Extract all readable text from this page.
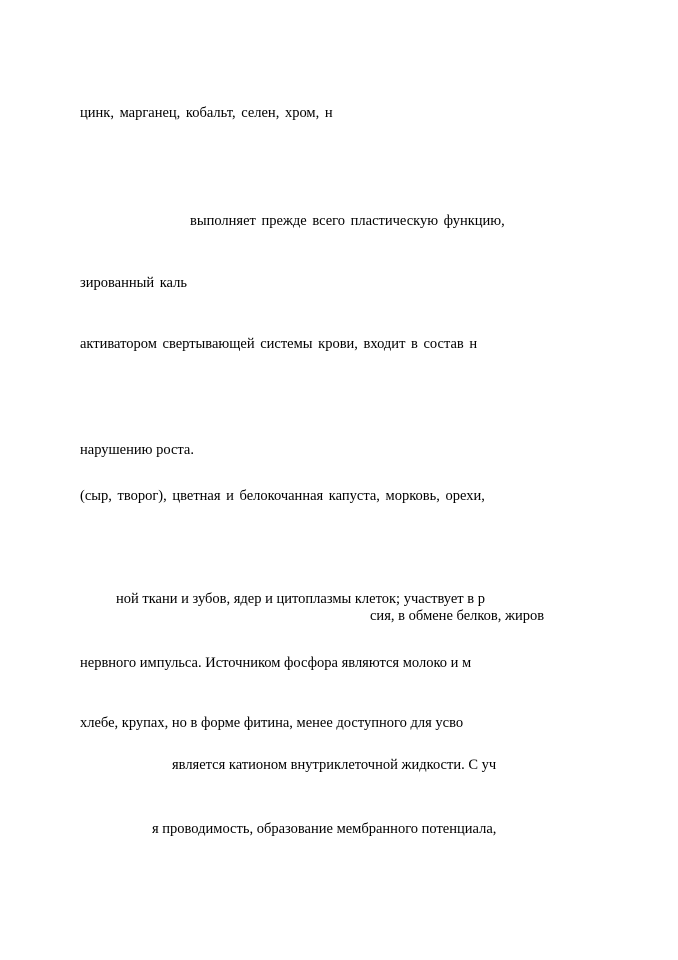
цинк, марганец, кобальт, селен, хром, н
выполняет прежде всего пластическую функцию,
зированный каль
активатором свертывающей системы крови, входит в состав н
нарушению роста.
(сыр, творог), цветная и белокочанная капуста, морковь, орехи,
ной ткани и зубов, ядер и цитоплазмы клеток; участвует в р
сия, в обмене белков, жиров
нервного импульса. Источником фосфора являются молоко и м
хлебе, крупах, но в форме фитина, менее доступного для усво
является катионом внутриклеточной жидкости. С уч
я проводимость, образование мембранного потенциала,
